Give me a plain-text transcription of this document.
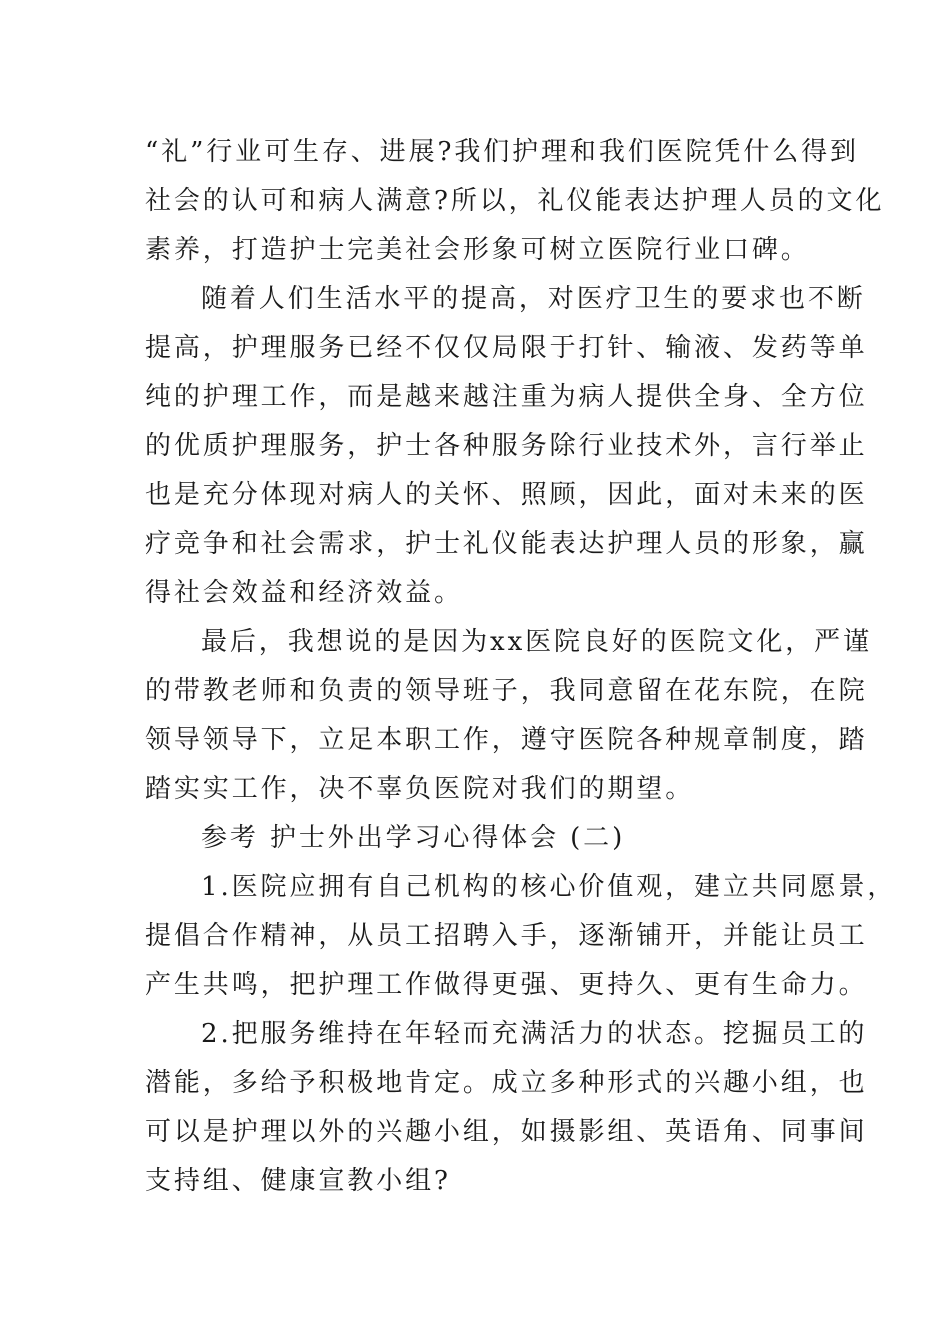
“礼”行业可生存、进展?我们护理和我们医院凭什么得到
社会的认可和病人满意?所以，礼仪能表达护理人员的文化
素养，打造护士完美社会形象可树立医院行业口碑。
随着人们生活水平的提高，对医疗卫生的要求也不断
提高，护理服务已经不仅仅局限于打针、输液、发药等单
纯的护理工作，而是越来越注重为病人提供全身、全方位
的优质护理服务，护士各种服务除行业技术外，言行举止
也是充分体现对病人的关怀、照顾，因此，面对未来的医
疗竞争和社会需求，护士礼仪能表达护理人员的形象，赢
得社会效益和经济效益。
最后，我想说的是因为xx医院良好的医院文化，严谨
的带教老师和负责的领导班子，我同意留在花东院，在院
领导领导下，立足本职工作，遵守医院各种规章制度，踏
踏实实工作，决不辜负医院对我们的期望。
参考 护士外出学习心得体会 (二)
1.医院应拥有自己机构的核心价值观，建立共同愿景，
提倡合作精神，从员工招聘入手，逐渐铺开，并能让员工
产生共鸣，把护理工作做得更强、更持久、更有生命力。
2.把服务维持在年轻而充满活力的状态。挖掘员工的
潜能，多给予积极地肯定。成立多种形式的兴趣小组，也
可以是护理以外的兴趣小组，如摄影组、英语角、同事间
支持组、健康宣教小组?
